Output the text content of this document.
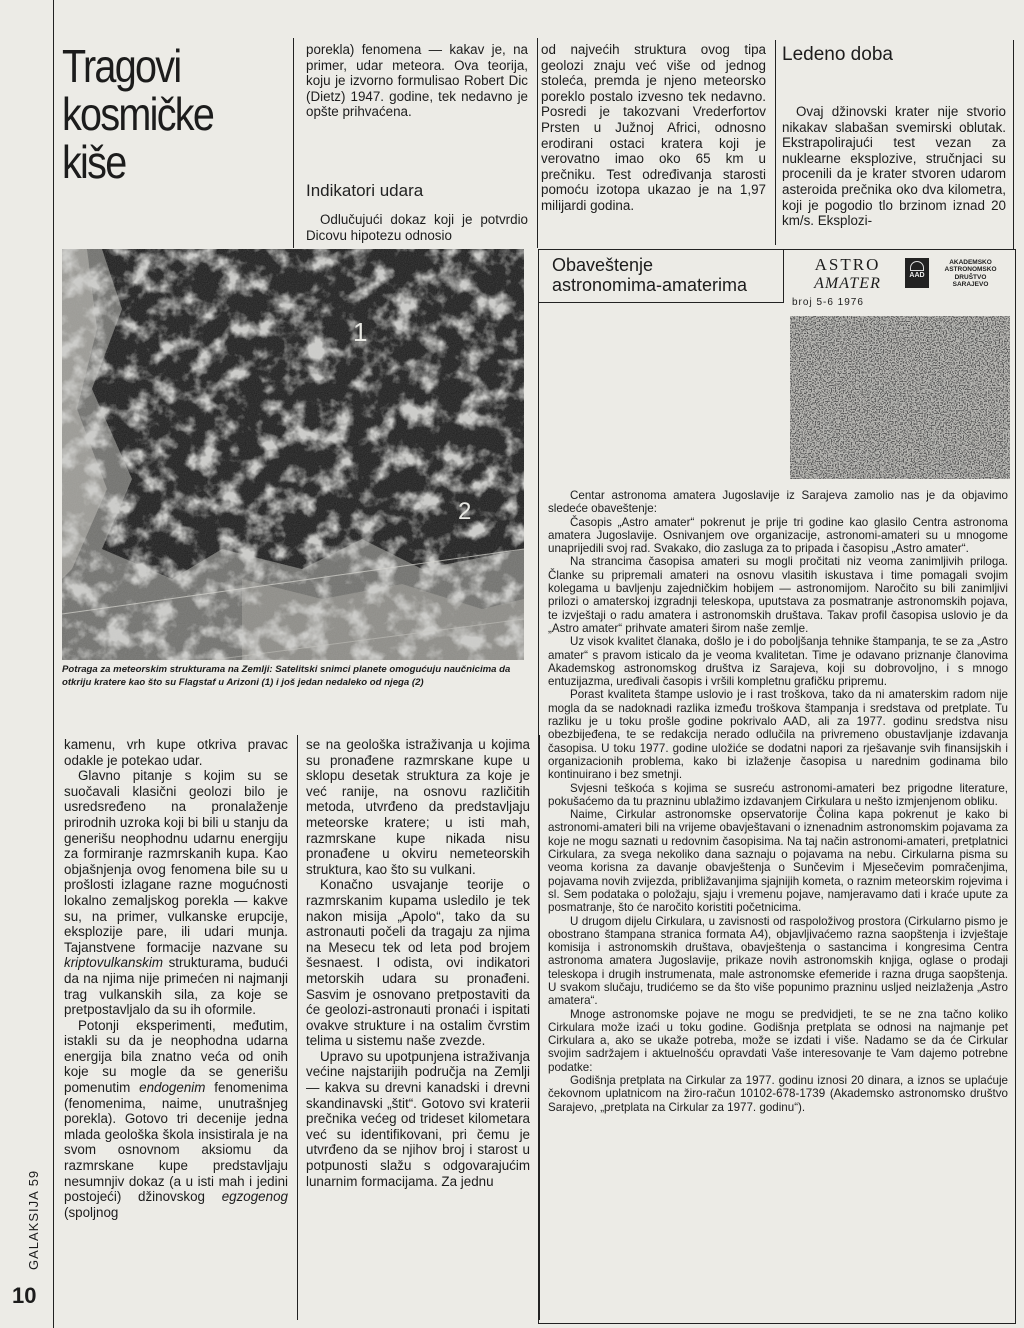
Tragovi
kosmičke kiše

porekla) fenomena — kakav je, na primer, udar meteora. Ova teorija, koju je izvorno formulisao Robert Dic (Dietz) 1947. godine, tek nedavno je opšte prihvaćena.

Indikatori udara

Odlučujući dokaz koji je potvrdio Dicovu hipotezu odnosio

od najvećih struktura ovog tipa geolozi znaju već više od jednog stoleća, premda je njeno meteorsko poreklo postalo izvesno tek nedavno. Posredi je takozvani Vrederfortov Prsten u Južnoj Africi, odnosno erodirani ostaci kratera koji je verovatno imao oko 65 km u prečniku. Test određivanja starosti pomoću izotopa ukazao je na 1,97 milijardi godina.

Ledeno doba

Ovaj džinovski krater nije stvorio nikakav slabašan svemirski oblutak. Ekstrapolirajući test vezan za nuklearne eksplozive, stručnjaci su procenili da je krater stvoren udarom asteroida prečnika oko dva kilometra, koji je pogodio tlo brzinom iznad 20 km/s. Eksplozi-

1
2
Potraga za meteorskim strukturama na Zemlji: Satelitski snimci planete omogućuju naučnicima da otkriju kratere kao što su Flagstaf u Arizoni (1) i još jedan nedaleko od njega (2)
Obaveštenje
astronomima-amaterima
ASTRO
AMATER	AAD
AKADEMSKO
ASTRONOMSKO
DRUŠTVO
SARAJEVO
broj 5-6 1976

Centar astronoma amatera Jugoslavije iz Sarajeva zamolio nas je da objavimo sledeće obaveštenje:

Časopis „Astro amater“ pokrenut je prije tri godine kao glasilo Centra astronoma amatera Jugoslavije. Osnivanjem ove organizacije, astronomi-amateri su u mnogome unapriјedili svoj rad. Svakako, dio zasluga za to pripada i časopisu „Astro amater“.

Na strancima časopisa amateri su mogli pročitati niz veoma zanimljivih priloga. Članke su pripremali amateri na osnovu vlasitih iskustava i time pomagali svojim kolegama u bavljenju zajedničkim hobijem — astronomijom. Naročito su bili zanimljivi prilozi o amaterskoj izgradnji teleskopa, uputstava za posmatranje astronomskih pojava, te izvještaji o radu amatera i astronomskih društava. Takav profil časopisa uslovio je da „Astro amater“ prihvate amateri širom naše zemlje.

Uz visok kvalitet članaka, došlo je i do poboljšanja tehnike štampanja, te se za „Astro amater“ s pravom isticalo da je veoma kvalitetan. Time je odavano priznanje članovima Akademskog astronomskog društva iz Sarajeva, koji su dobrovoljno, i s mnogo entuzijazma, uređivali časopis i vršili kompletnu grafičku pripremu.

Porast kvaliteta štampe uslovio je i rast troškova, tako da ni amaterskim radom nije mogla da se nadoknadi razlika između troškova štampanja i sredstava od pretplate. Tu razliku je u toku prošle godine pokrivalo AAD, ali za 1977. godinu sredstva nisu obezbijeđena, te se redakcija nerado odlučila na privremeno obustavljanje izdavanja časopisa. U toku 1977. godine uložiće se dodatni napori za rješavanje svih finansijskih i organizacionih problema, kako bi izlaženje časopisa u narednim godinama bilo kontinuirano i bez smetnji.

Svjesni teškoća s kojima se susreću astronomi-amateri bez prigodne literature, pokušaćemo da tu prazninu ublažimo izdavanjem Cirkulara u nešto izmjenjenom obliku.

Naime, Cirkular astronomske opservatorije Čolina kapa pokrenut je kako bi astronomi-amateri bili na vrijeme obavještavani o iznenadnim astronomskim pojavama za koje ne mogu saznati u redovnim časopisima. Na taj način astronomi-amateri, pretplatnici Cirkulara, za svega nekoliko dana saznaju o pojavama na nebu. Cirkularna pisma su veoma korisna za davanje obavještenja o Sunčevim i Mjesečevim pomračenjima, pojavama novih zvijezda, približavanjima sjajnijih kometa, o raznim meteorskim rojevima i sl. Sem podataka o položaju, sjaju i vremenu pojave, namjeravamo dati i kraće upute za posmatranje, što će naročito koristiti početnicima.

U drugom dijelu Cirkulara, u zavisnosti od raspoloživog prostora (Cirkularno pismo je obostrano štampana stranica formata A4), objavljivaćemo razna saopštenja i izvještaje komisija i astronomskih društava, obavještenja o sastancima i kongresima Centra astronoma amatera Jugoslavije, prikaze novih astronomskih knjiga, oglase o prodaji teleskopa i drugih instrumenata, male astronomske efemeride i razna druga saopštenja. U svakom slučaju, trudićemo se da što više popunimo prazninu usljed neizlaženja „Astro amatera“.

Mnoge astronomske pojave ne mogu se predvidjeti, te se ne zna tačno koliko Cirkulara može izaći u toku godine. Godišnja pretplata se odnosi na najmanje pet Cirkulara a, ako se ukaže potreba, može se izdati i više. Nadamo se da će Cirkular svojim sadržajem i aktuelnošću opravdati Vaše interesovanje te Vam dajemo potrebne podatke:

Godišnja pretplata na Cirkular za 1977. godinu iznosi 20 dinara, a iznos se uplaćuje čekovnom uplatnicom na žiro-račun 10102-678-1739 (Akademsko astronomsko društvo Sarajevo, „pretplata na Cirkular za 1977. godinu“).

kamenu, vrh kupe otkriva pravac odakle je potekao udar.

Glavno pitanje s kojim su se suočavali klasični geolozi bilo je usredsređeno na pronalaženje prirodnih uzroka koji bi bili u stanju da generišu neophodnu udarnu energiju za formiranje razmrskanih kupa. Kao objašnjenja ovog fenomena bile su u prošlosti izlagane razne mogućnosti lokalno zemaljskog porekla — kakve su, na primer, vulkanske erupcije, eksplozije pare, ili udari munja. Tajanstvene formacije nazvane su kriptovulkanskim strukturama, budući da na njima nije primećen ni najmanji trag vulkanskih sila, za koje se pretpostavljalo da su ih oformile.

Potonji eksperimenti, međutim, istakli su da je neophodna udarna energija bila znatno veća od onih koje su mogle da se generišu pomenutim endogenim fenomenima (fenomenima, naime, unutrašnjeg porekla). Gotovo tri decenije jedna mlada geološka škola insistirala je na svom osnovnom aksiomu da razmrskane kupe predstavljaju nesumnjiv dokaz (a u isti mah i jedini postojeći) džinovskog egzogenog (spoljnog

se na geološka istraživanja u kojima su pronađene razmrskane kupe u sklopu desetak struktura za koje je već ranije, na osnovu različitih metoda, utvrđeno da predstavljaju meteorske kratere; u isti mah, razmrskane kupe nikada nisu pronađene u okviru nemeteorskih struktura, kao što su vulkani.

Konačno usvajanje teorije o razmrskanim kupama usledilo je tek nakon misija „Apolo“, tako da su astronauti počeli da tragaju za njima na Mesecu tek od leta pod brojem šesnaest. I odista, ovi indikatori metorskih udara su pronađeni. Sasvim je osnovano pretpostaviti da će geolozi-astronauti pronaći i ispitati ovakve strukture i na ostalim čvrstim telima u sistemu naše zvezde.

Upravo su upotpunjena istraživanja većine najstarijih područja na Zemlji — kakva su drevni kanadski i drevni skandinavski „štit“. Gotovo svi kraterii prečnika većeg od trideset kilometara već su identifikovani, pri čemu je utvrđeno da se njihov broj i starost u potpunosti slažu s odgovarajućim lunarnim formacijama. Za jednu

GALAKSIJA 59
10
